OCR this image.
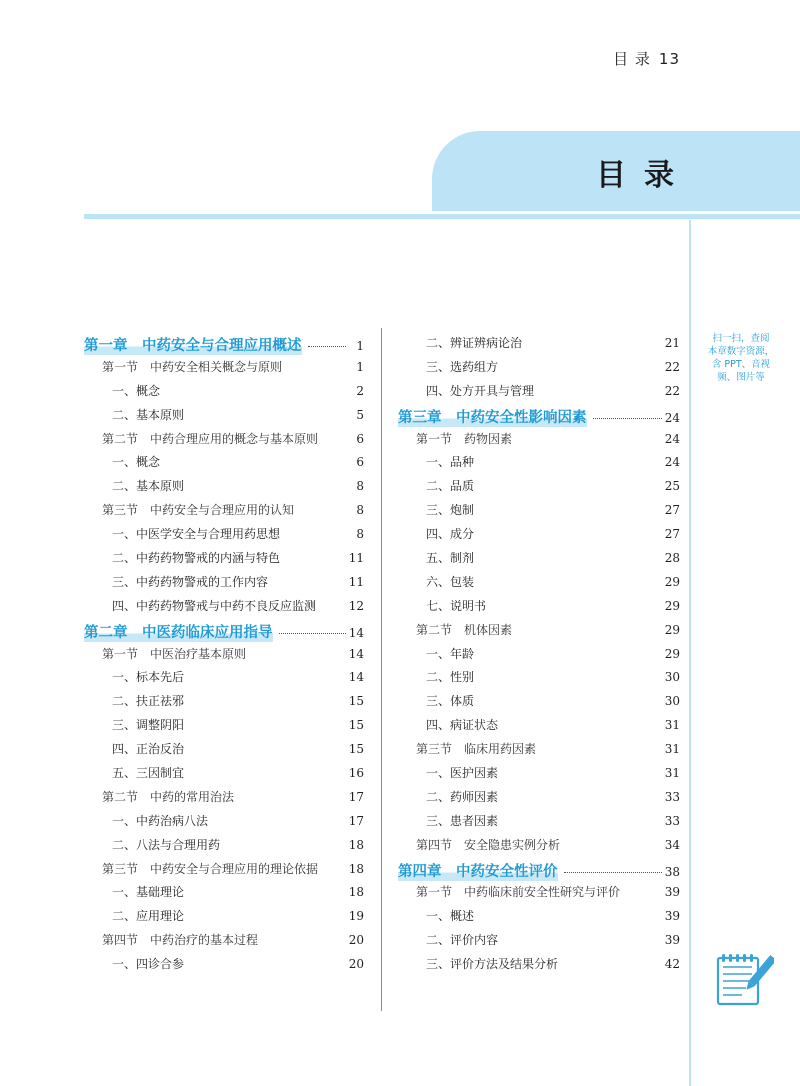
目 录 13
目录
扫一扫，查阅
本章数字资源，
含 PPT、音视
频、图片等
第一章　中药安全与合理应用概述	1
第一节　中药安全相关概念与原则	1
一、概念	2
二、基本原则	5
第二节　中药合理应用的概念与基本原则	6
一、概念	6
二、基本原则	8
第三节　中药安全与合理应用的认知	8
一、中医学安全与合理用药思想	8
二、中药药物警戒的内涵与特色	11
三、中药药物警戒的工作内容	11
四、中药药物警戒与中药不良反应监测	12
第二章　中医药临床应用指导	14
第一节　中医治疗基本原则	14
一、标本先后	14
二、扶正祛邪	15
三、调整阴阳	15
四、正治反治	15
五、三因制宜	16
第二节　中药的常用治法	17
一、中药治病八法	17
二、八法与合理用药	18
第三节　中药安全与合理应用的理论依据	18
一、基础理论	18
二、应用理论	19
第四节　中药治疗的基本过程	20
一、四诊合参	20
二、辨证辨病论治	21
三、选药组方	22
四、处方开具与管理	22
第三章　中药安全性影响因素	24
第一节　药物因素	24
一、品种	24
二、品质	25
三、炮制	27
四、成分	27
五、制剂	28
六、包装	29
七、说明书	29
第二节　机体因素	29
一、年龄	29
二、性别	30
三、体质	30
四、病证状态	31
第三节　临床用药因素	31
一、医护因素	31
二、药师因素	33
三、患者因素	33
第四节　安全隐患实例分析	34
第四章　中药安全性评价	38
第一节　中药临床前安全性研究与评价	39
一、概述	39
二、评价内容	39
三、评价方法及结果分析	42
